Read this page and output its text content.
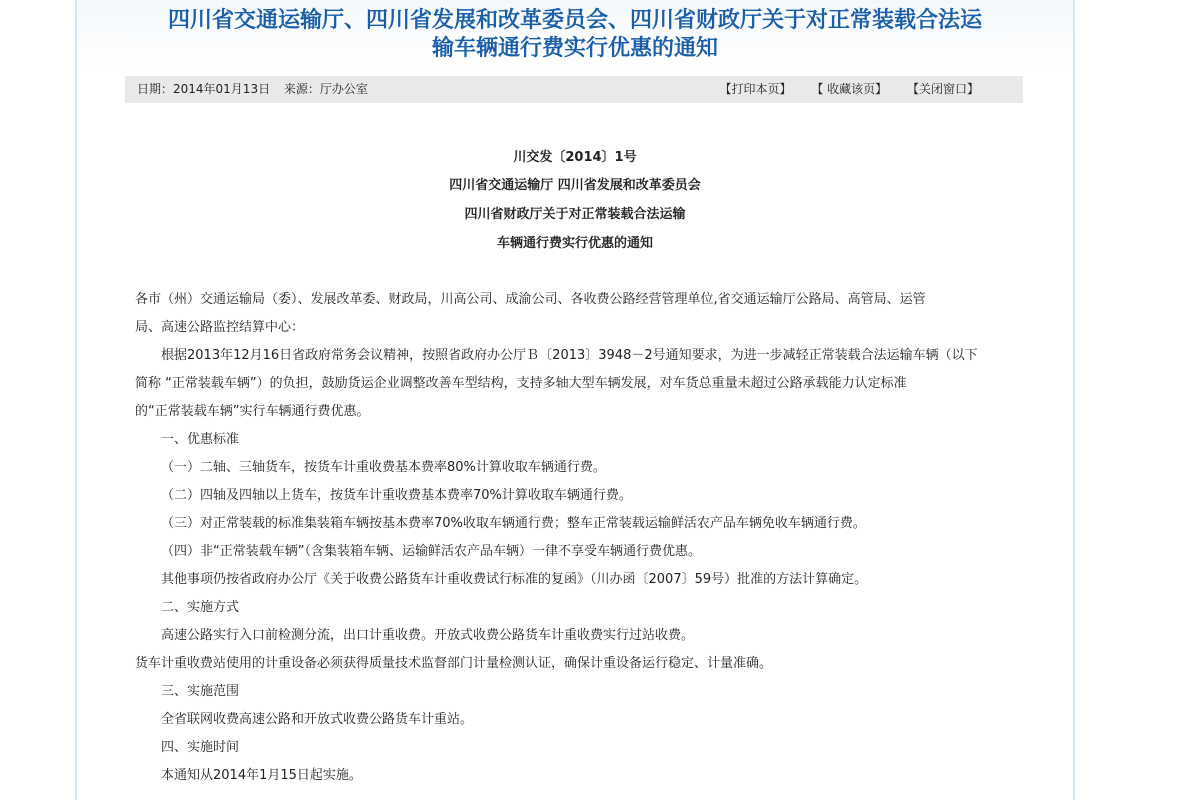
四川省交通运输厅、四川省发展和改革委员会、四川省财政厅关于对正常装载合法运
输车辆通行费实行优惠的通知
日期：2014年01月13日 来源：厅办公室	【打印本页】 【 收藏该页】 【关闭窗口】
川交发〔2014〕1号
四川省交通运输厅 四川省发展和改革委员会
四川省财政厅关于对正常装载合法运输
车辆通行费实行优惠的通知

各市（州）交通运输局（委）、发展改革委、财政局，川高公司、成渝公司、各收费公路经营管理单位,省交通运输厅公路局、高管局、运管

局、高速公路监控结算中心：

根据2013年12月16日省政府常务会议精神，按照省政府办公厅Ｂ〔2013〕3948－2号通知要求，为进一步减轻正常装载合法运输车辆（以下

简称 “正常装载车辆”）的负担，鼓励货运企业调整改善车型结构，支持多轴大型车辆发展，对车货总重量未超过公路承载能力认定标准

的“正常装载车辆”实行车辆通行费优惠。

一、优惠标准

（一）二轴、三轴货车，按货车计重收费基本费率80%计算收取车辆通行费。

（二）四轴及四轴以上货车，按货车计重收费基本费率70%计算收取车辆通行费。

（三）对正常装载的标准集装箱车辆按基本费率70%收取车辆通行费；整车正常装载运输鲜活农产品车辆免收车辆通行费。

（四）非“正常装载车辆”（含集装箱车辆、运输鲜活农产品车辆）一律不享受车辆通行费优惠。

其他事项仍按省政府办公厅《关于收费公路货车计重收费试行标准的复函》（川办函〔2007〕59号）批准的方法计算确定。

二、实施方式

高速公路实行入口前检测分流，出口计重收费。开放式收费公路货车计重收费实行过站收费。

货车计重收费站使用的计重设备必须获得质量技术监督部门计量检测认证，确保计重设备运行稳定、计量准确。

三、实施范围

全省联网收费高速公路和开放式收费公路货车计重站。

四、实施时间

本通知从2014年1月15日起实施。
